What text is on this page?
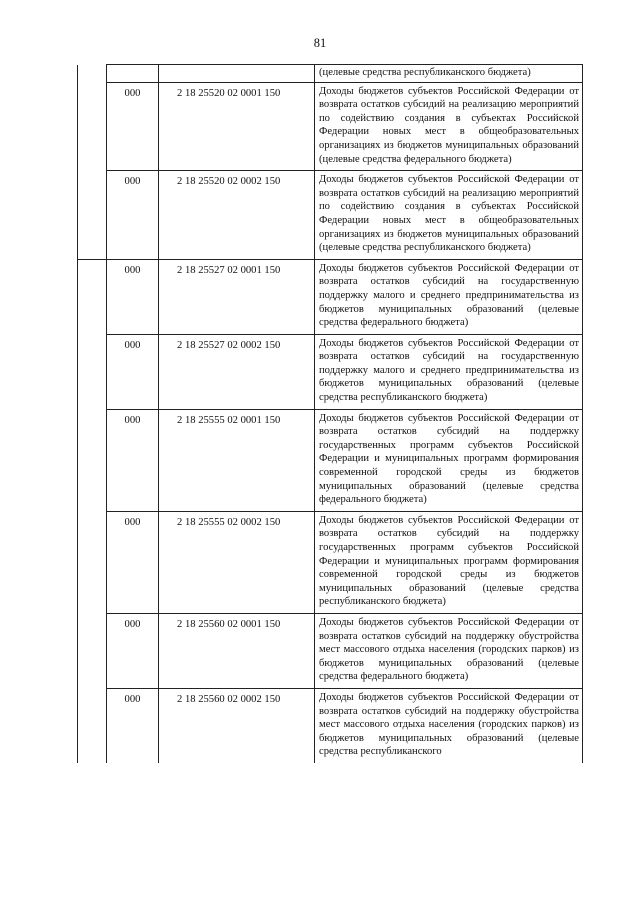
81
			(целевые средства республиканского бюджета)
	000	2 18 25520 02 0001 150	Доходы бюджетов субъектов Российской Федерации от возврата остатков субсидий на реализацию мероприятий по содействию создания в субъектах Российской Федерации новых мест в общеобразовательных организациях из бюджетов муниципальных образований (целевые средства федерального бюджета)
	000	2 18 25520 02 0002 150	Доходы бюджетов субъектов Российской Федерации от возврата остатков субсидий на реализацию мероприятий по содействию создания в субъектах Российской Федерации новых мест в общеобразовательных организациях из бюджетов муниципальных образований (целевые средства республиканского бюджета)
	000	2 18 25527 02 0001 150	Доходы бюджетов субъектов Российской Федерации от возврата остатков субсидий на государственную поддержку малого и среднего предпринимательства из бюджетов муниципальных образований (целевые средства федерального бюджета)
	000	2 18 25527 02 0002 150	Доходы бюджетов субъектов Российской Федерации от возврата остатков субсидий на государственную поддержку малого и среднего предпринимательства из бюджетов муниципальных образований (целевые средства республиканского бюджета)
	000	2 18 25555 02 0001 150	Доходы бюджетов субъектов Российской Федерации от возврата остатков субсидий на поддержку государственных программ субъектов Российской Федерации и муниципальных программ формирования современной городской среды из бюджетов муниципальных образований (целевые средства федерального бюджета)
	000	2 18 25555 02 0002 150	Доходы бюджетов субъектов Российской Федерации от возврата остатков субсидий на поддержку государственных программ субъектов Российской Федерации и муниципальных программ формирования современной городской среды из бюджетов муниципальных образований (целевые средства республиканского бюджета)
	000	2 18 25560 02 0001 150	Доходы бюджетов субъектов Российской Федерации от возврата остатков субсидий на поддержку обустройства мест массового отдыха населения (городских парков) из бюджетов муниципальных образований (целевые средства федерального бюджета)
	000	2 18 25560 02 0002 150	Доходы бюджетов субъектов Российской Федерации от возврата остатков субсидий на поддержку обустройства мест массового отдыха населения (городских парков) из бюджетов муниципальных образований (целевые средства республиканского
